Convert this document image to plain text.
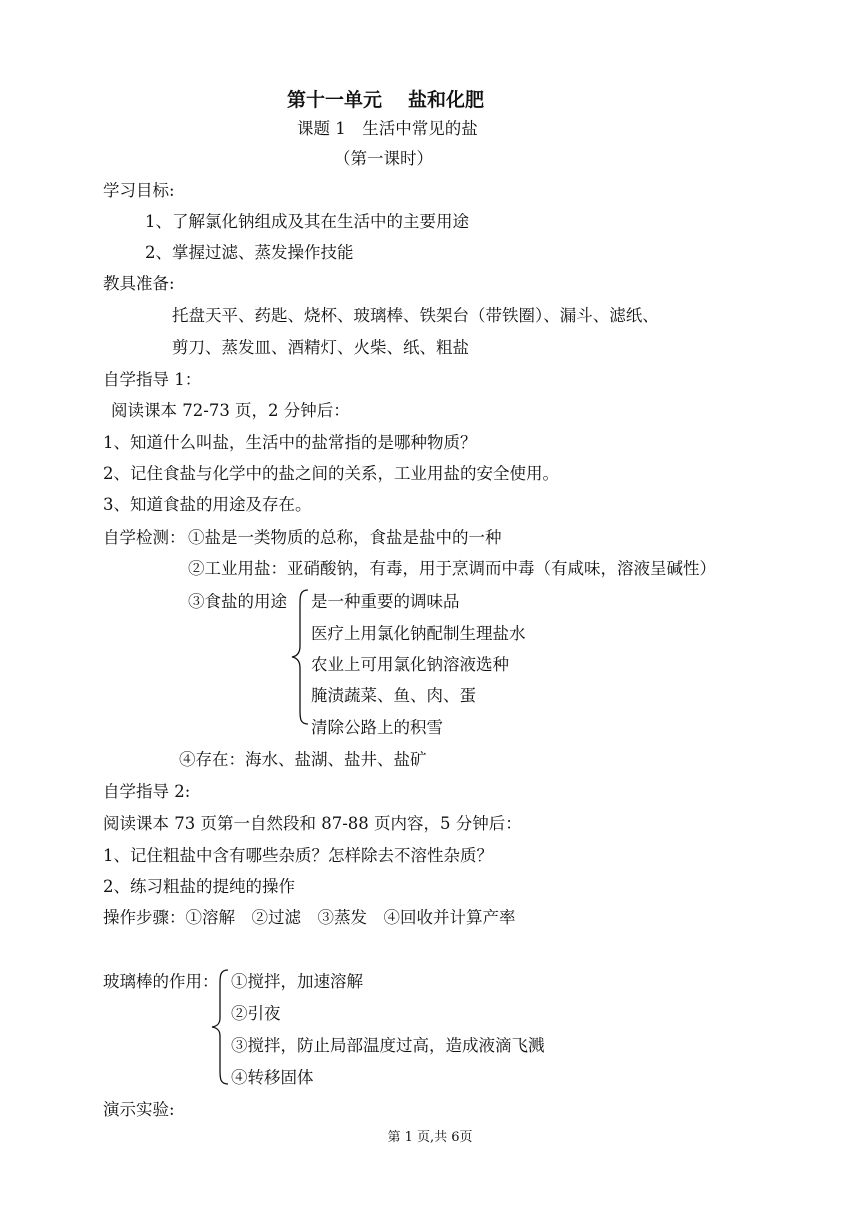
第十一单元 盐和化肥
课题 1　生活中常见的盐
（第一课时）
学习目标:
1、了解氯化钠组成及其在生活中的主要用途
2、掌握过滤、蒸发操作技能
教具准备:
托盘天平、药匙、烧杯、玻璃棒、铁架台（带铁圈）、漏斗、滤纸、
剪刀、蒸发皿、酒精灯、火柴、纸、粗盐
自学指导 1：
阅读课本 72-73 页，2 分钟后：
1、知道什么叫盐，生活中的盐常指的是哪种物质？
2、记住食盐与化学中的盐之间的关系，工业用盐的安全使用。
3、知道食盐的用途及存在。
自学检测： ①盐是一类物质的总称，食盐是盐中的一种
②工业用盐：亚硝酸钠，有毒，用于烹调而中毒（有咸味，溶液呈碱性）
③食盐的用途 是一种重要的调味品
医疗上用氯化钠配制生理盐水
农业上可用氯化钠溶液选种
腌渍蔬菜、鱼、肉、蛋
清除公路上的积雪
④存在：海水、盐湖、盐井、盐矿
自学指导 2:
阅读课本 73 页第一自然段和 87-88 页内容，5 分钟后：
1、记住粗盐中含有哪些杂质？怎样除去不溶性杂质？
2、练习粗盐的提纯的操作
操作步骤：①溶解　②过滤　③蒸发　④回收并计算产率
玻璃棒的作用： ①搅拌，加速溶解
②引夜
③搅拌，防止局部温度过高，造成液滴飞溅
④转移固体
演示实验:
第 1 页,共 6页
